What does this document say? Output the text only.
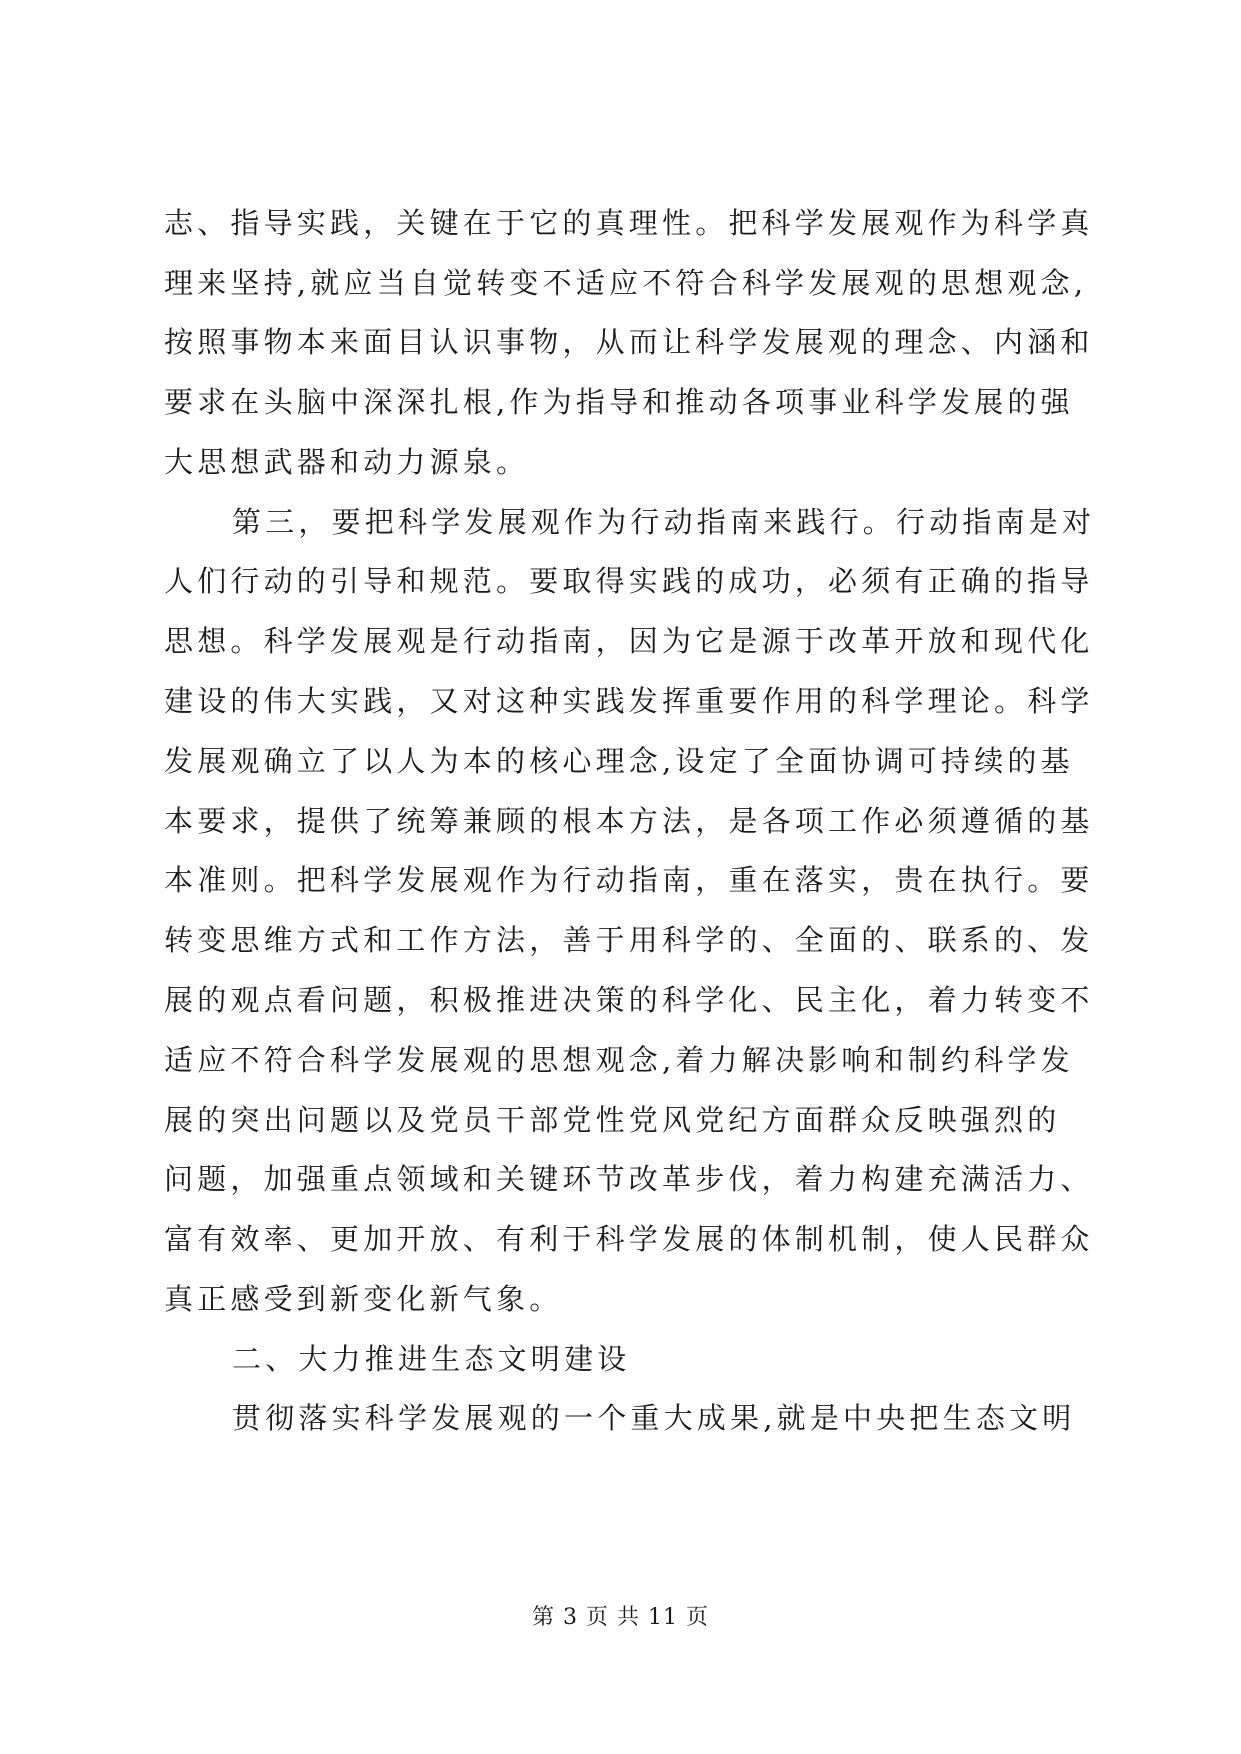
志、指导实践，关键在于它的真理性。把科学发展观作为科学真
理来坚持,就应当自觉转变不适应不符合科学发展观的思想观念,
按照事物本来面目认识事物，从而让科学发展观的理念、内涵和
要求在头脑中深深扎根,作为指导和推动各项事业科学发展的强
大思想武器和动力源泉。
第三，要把科学发展观作为行动指南来践行。行动指南是对
人们行动的引导和规范。要取得实践的成功，必须有正确的指导
思想。科学发展观是行动指南，因为它是源于改革开放和现代化
建设的伟大实践，又对这种实践发挥重要作用的科学理论。科学
发展观确立了以人为本的核心理念,设定了全面协调可持续的基
本要求，提供了统筹兼顾的根本方法，是各项工作必须遵循的基
本准则。把科学发展观作为行动指南，重在落实，贵在执行。要
转变思维方式和工作方法，善于用科学的、全面的、联系的、发
展的观点看问题，积极推进决策的科学化、民主化，着力转变不
适应不符合科学发展观的思想观念,着力解决影响和制约科学发
展的突出问题以及党员干部党性党风党纪方面群众反映强烈的
问题，加强重点领域和关键环节改革步伐，着力构建充满活力、
富有效率、更加开放、有利于科学发展的体制机制，使人民群众
真正感受到新变化新气象。
二、大力推进生态文明建设
贯彻落实科学发展观的一个重大成果,就是中央把生态文明
第 3 页 共 11 页
